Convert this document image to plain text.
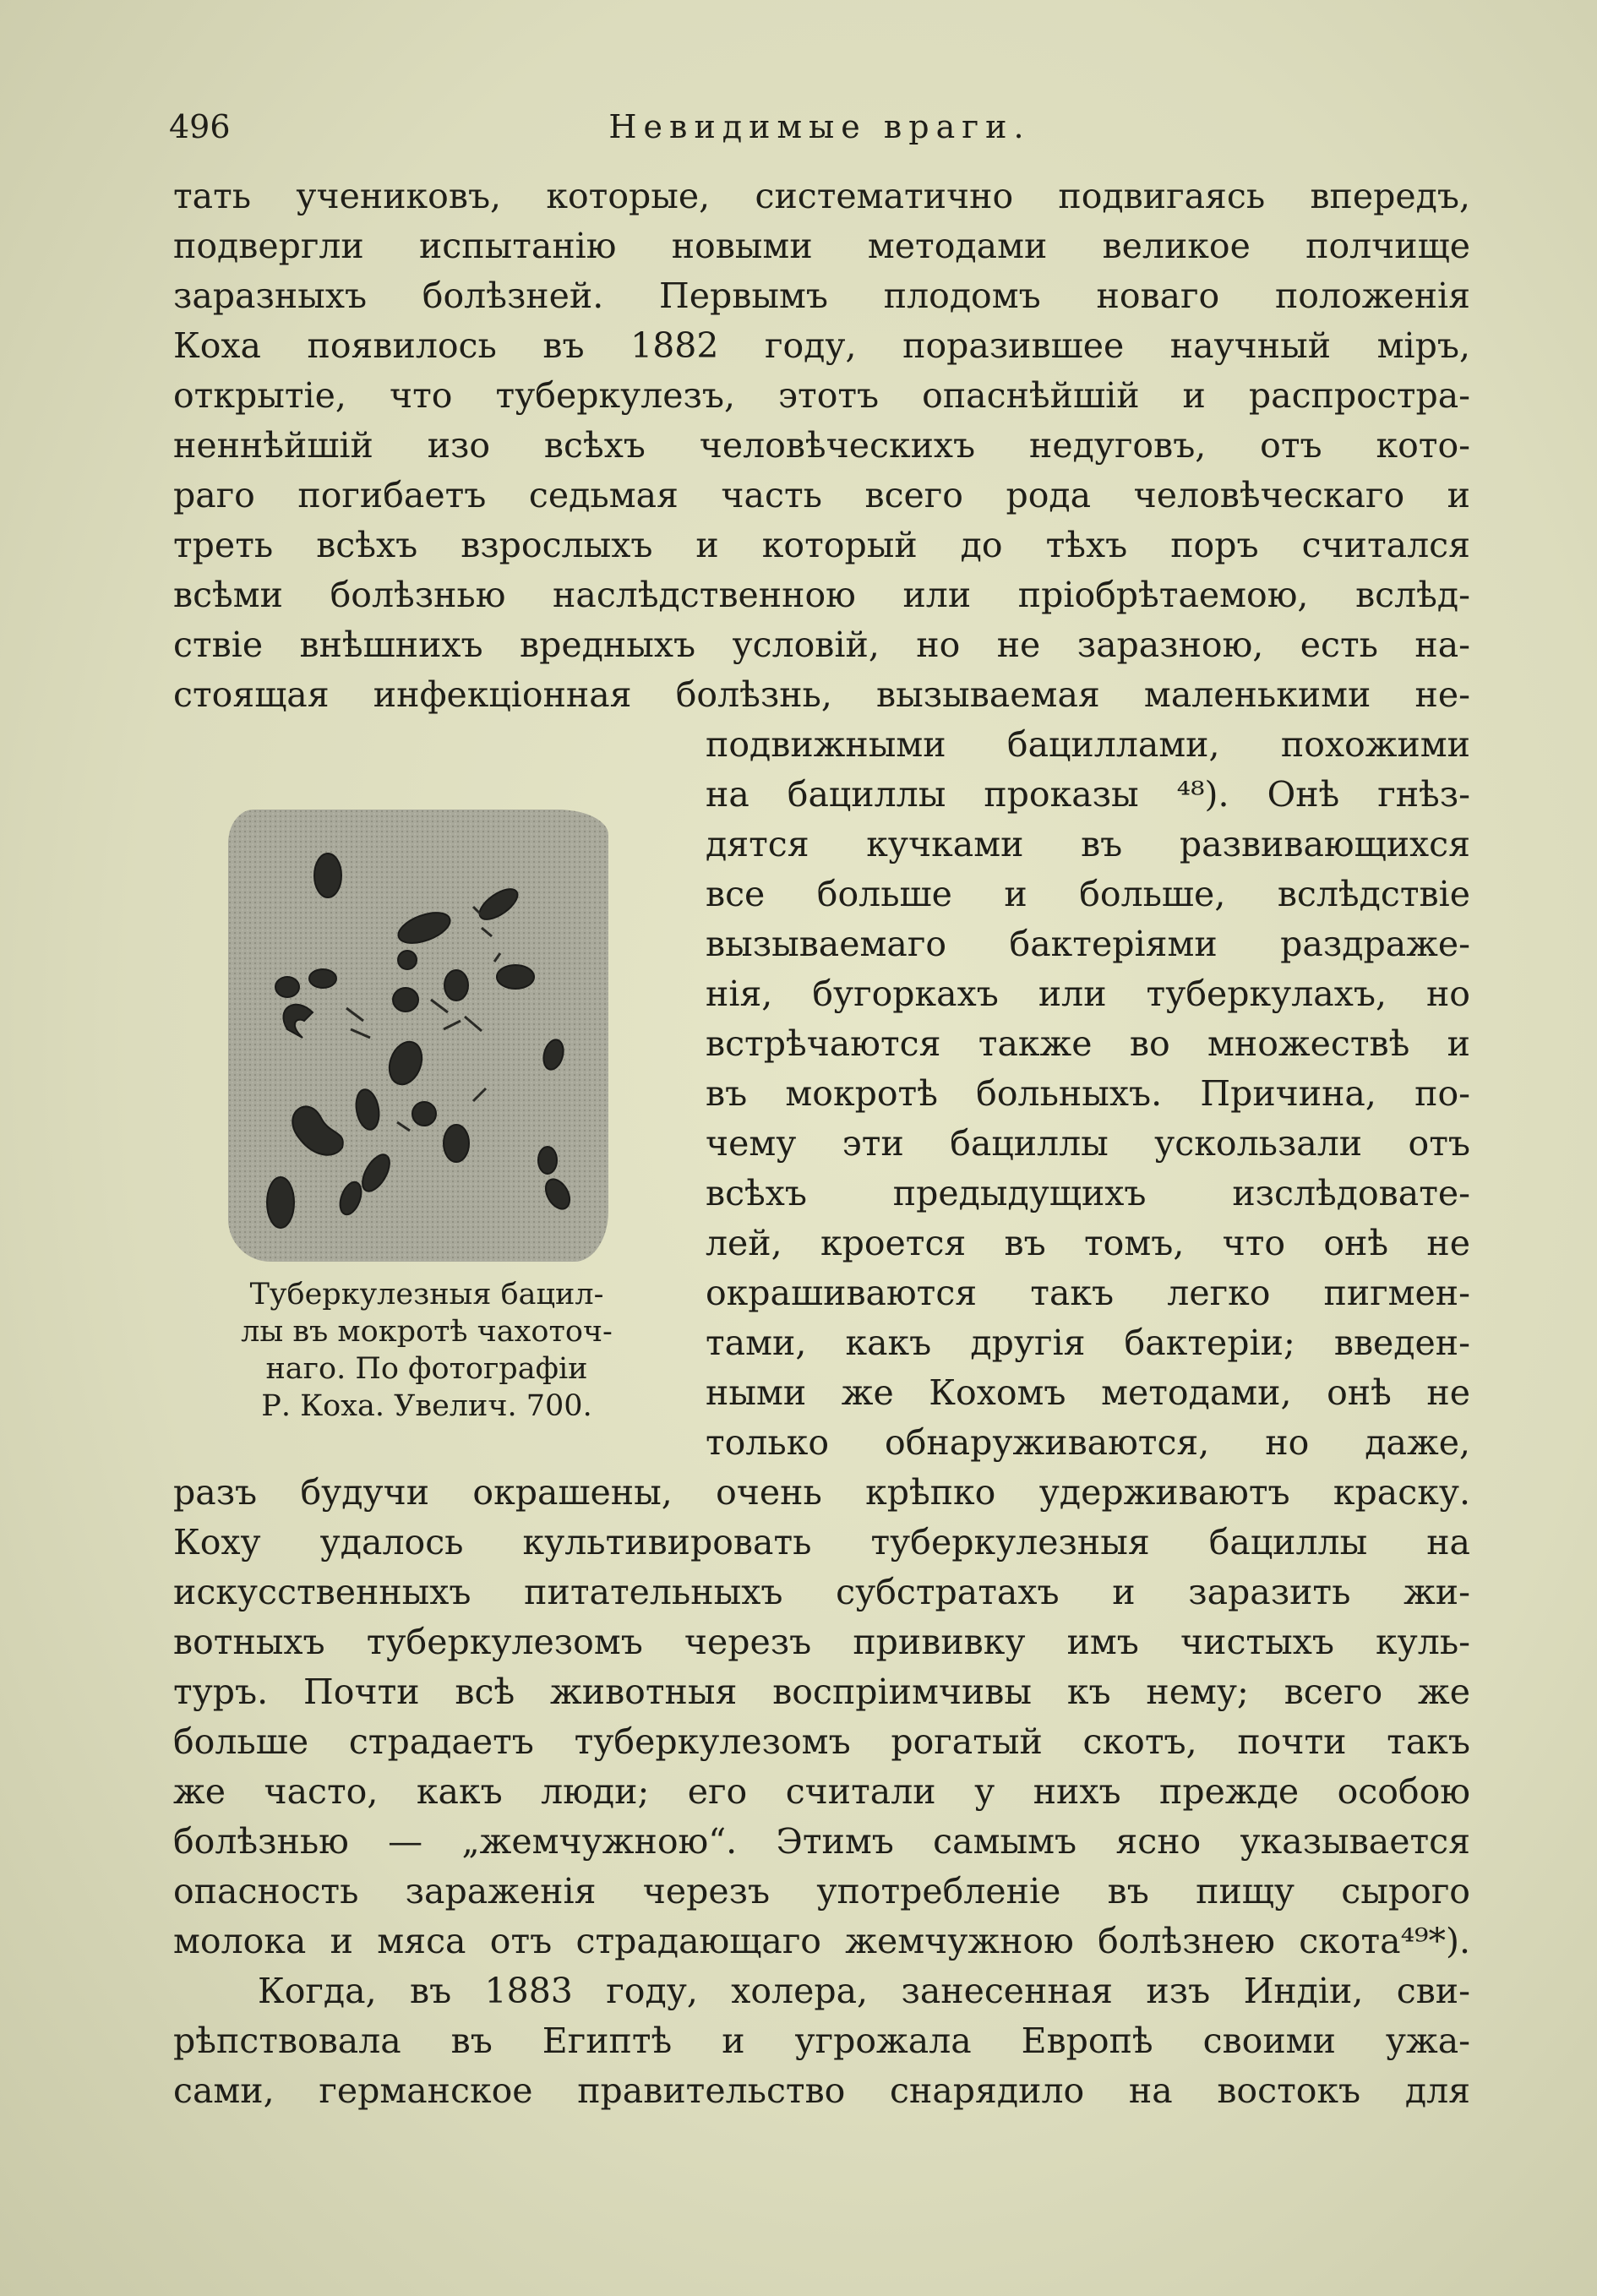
496	Невидимые враги.
Туберкулезныя бацил-
лы въ мокротѣ чахоточ-
наго. По фотографіи
Р. Коха. Увелич. 700.
тать учениковъ, которые, систематично подвигаясь впередъ,
подвергли испытанію новыми методами великое полчище
заразныхъ болѣзней. Первымъ плодомъ новаго положенія
Коха появилось въ 1882 году, поразившее научный міръ,
открытіе, что туберкулезъ, этотъ опаснѣйшій и распростра-
неннѣйшій изо всѣхъ человѣческихъ недуговъ, отъ кото-
раго погибаетъ седьмая часть всего рода человѣческаго и
треть всѣхъ взрослыхъ и который до тѣхъ поръ считался
всѣми болѣзнью наслѣдственною или пріобрѣтаемою, вслѣд-
ствіе внѣшнихъ вредныхъ условій, но не заразною, есть на-
стоящая инфекціонная болѣзнь, вызываемая маленькими не-
подвижными бациллами, похожими
на бациллы проказы ⁴⁸). Онѣ гнѣз-
дятся кучками въ развивающихся
все больше и больше, вслѣдствіе
вызываемаго бактеріями раздраже-
нія, бугоркахъ или туберкулахъ, но
встрѣчаются также во множествѣ и
въ мокротѣ больныхъ. Причина, по-
чему эти бациллы ускользали отъ
всѣхъ предыдущихъ изслѣдовате-
лей, кроется въ томъ, что онѣ не
окрашиваются такъ легко пигмен-
тами, какъ другія бактеріи; введен-
ными же Кохомъ методами, онѣ не
только обнаруживаются, но даже,
разъ будучи окрашены, очень крѣпко удерживаютъ краску.
Коху удалось культивировать туберкулезныя бациллы на
искусственныхъ питательныхъ субстратахъ и заразить жи-
вотныхъ туберкулезомъ черезъ прививку имъ чистыхъ куль-
туръ. Почти всѣ животныя воспріимчивы къ нему; всего же
больше страдаетъ туберкулезомъ рогатый скотъ, почти такъ
же часто, какъ люди; его считали у нихъ прежде особою
болѣзнью — „жемчужною“. Этимъ самымъ ясно указывается
опасность зараженія черезъ употребленіе въ пищу сырого
молока и мяса отъ страдающаго жемчужною болѣзнею скота⁴⁹*).
Когда, въ 1883 году, холера, занесенная изъ Индіи, сви-
рѣпствовала въ Египтѣ и угрожала Европѣ своими ужа-
сами, германское правительство снарядило на востокъ для
